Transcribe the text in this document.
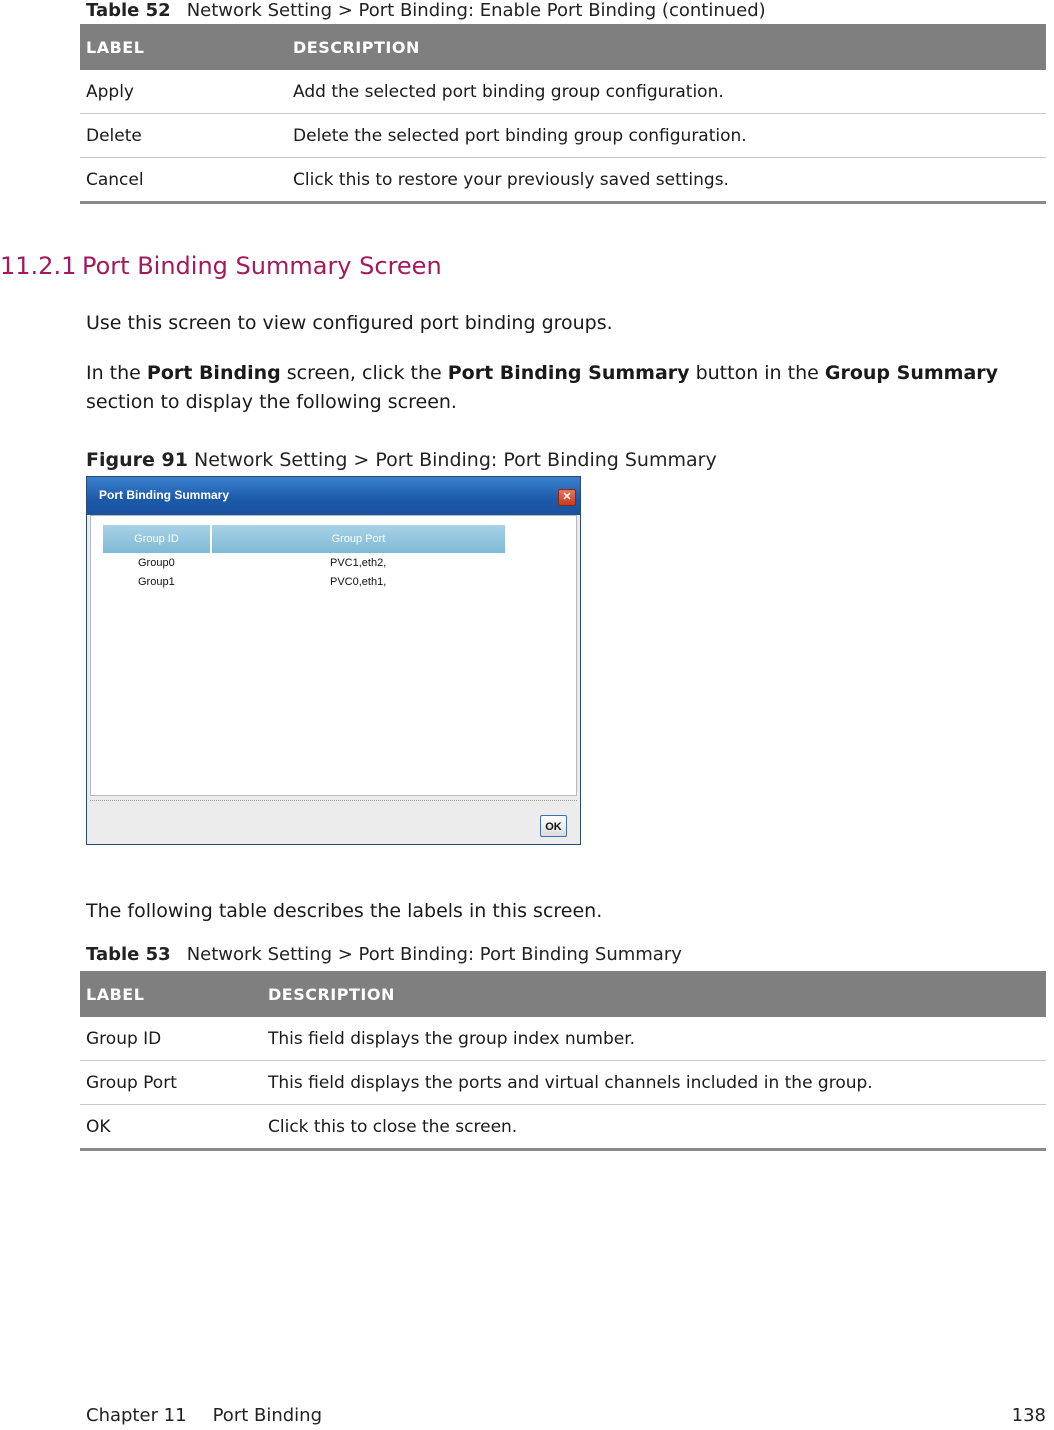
Table 52 Network Setting > Port Binding: Enable Port Binding (continued)
LABEL	DESCRIPTION
Apply	Add the selected port binding group configuration.
Delete	Delete the selected port binding group configuration.
Cancel	Click this to restore your previously saved settings.
11.2.1 Port Binding Summary Screen
Use this screen to view configured port binding groups.
In the Port Binding screen, click the Port Binding Summary button in the Group Summary section to display the following screen.
Figure 91 Network Setting > Port Binding: Port Binding Summary
Port Binding Summary	✕
Group ID	Group Port
Group0	PVC1,eth2,
Group1	PVC0,eth1,
OK
The following table describes the labels in this screen.
Table 53 Network Setting > Port Binding: Port Binding Summary
LABEL	DESCRIPTION
Group ID	This field displays the group index number.
Group Port	This field displays the ports and virtual channels included in the group.
OK	Click this to close the screen.
Chapter 11 Port Binding	138
